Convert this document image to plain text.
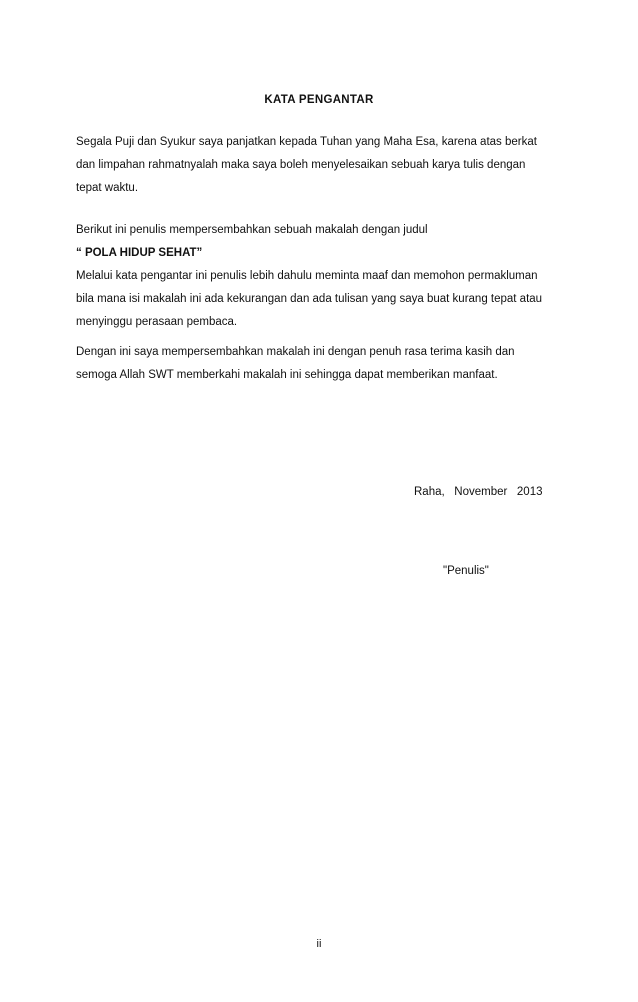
KATA PENGANTAR
Segala Puji dan Syukur saya panjatkan kepada Tuhan yang Maha Esa, karena atas berkat
dan limpahan rahmatnyalah maka saya boleh menyelesaikan sebuah karya tulis dengan
tepat waktu.
Berikut ini penulis mempersembahkan sebuah makalah dengan judul
“ POLA HIDUP SEHAT”
Melalui kata pengantar ini penulis lebih dahulu meminta maaf dan memohon permakluman
bila mana isi makalah ini ada kekurangan dan ada tulisan yang saya buat kurang tepat atau
menyinggu perasaan pembaca.
Dengan ini saya mempersembahkan makalah ini dengan penuh rasa terima kasih dan
semoga Allah SWT memberkahi makalah ini sehingga dapat memberikan manfaat.
Raha,   November   2013
"Penulis"
ii
